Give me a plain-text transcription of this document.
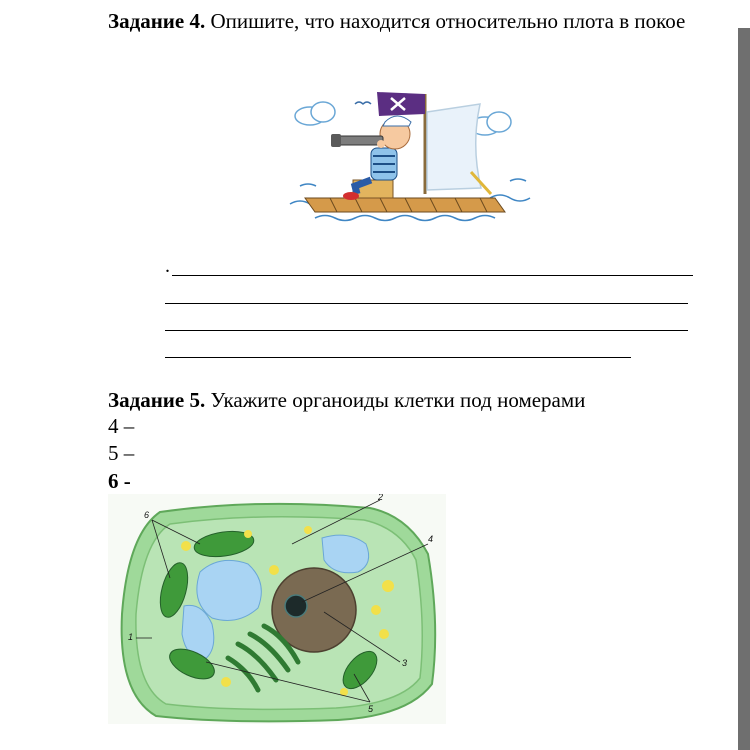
Задание 4. Опишите, что находится относительно плота в покое
.
Задание 5. Укажите органоиды клетки под номерами
4 –
5 –
6 -
6
2
4
1
3
5
